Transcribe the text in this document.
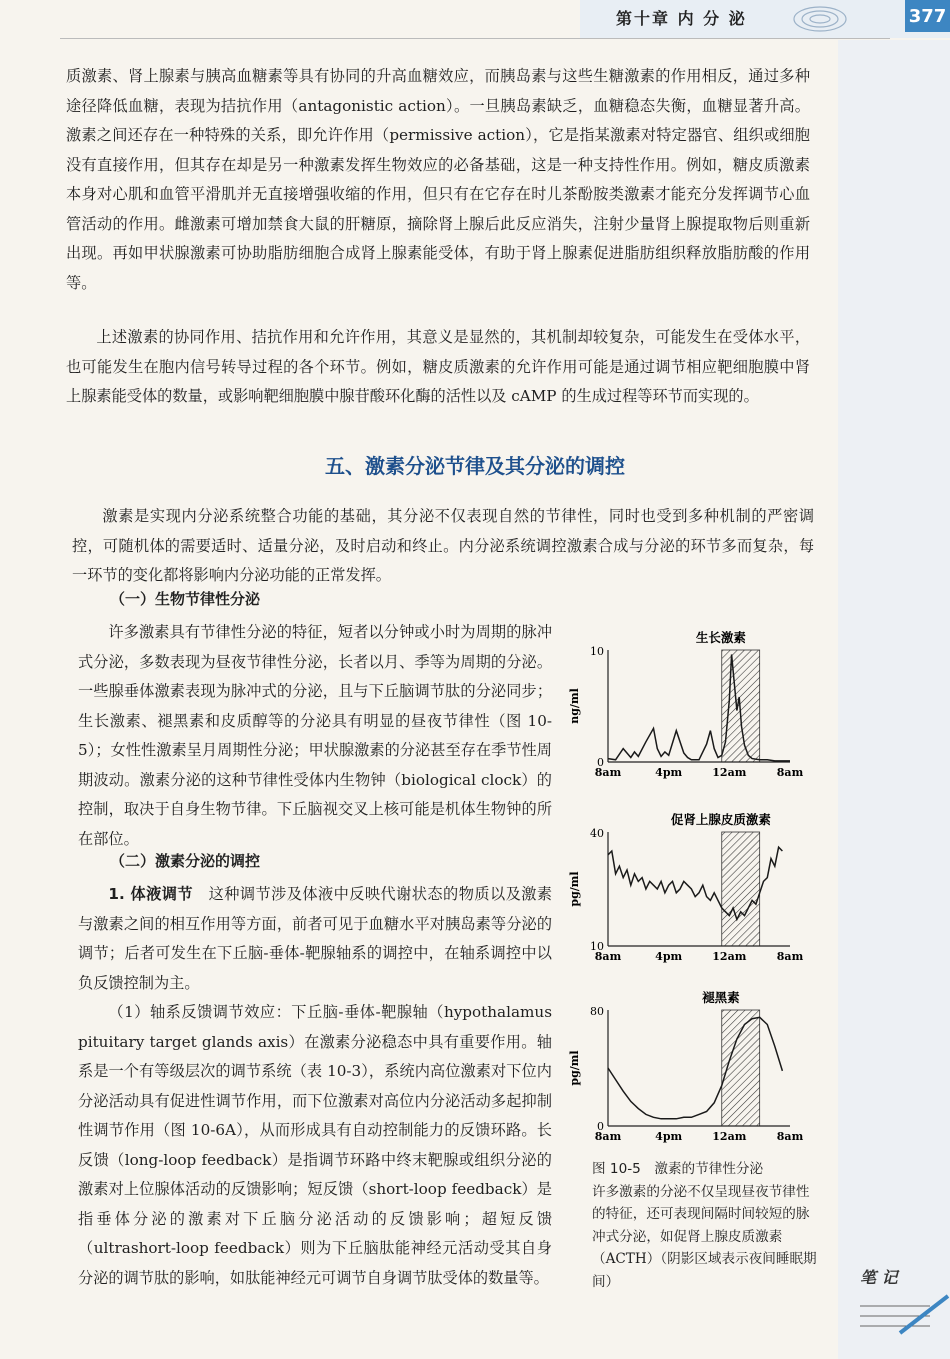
第十章 内 分 泌	377
质激素、肾上腺素与胰高血糖素等具有协同的升高血糖效应，而胰岛素与这些生糖激素的作用相反，通过多种途径降低血糖，表现为拮抗作用（antagonistic action）。一旦胰岛素缺乏，血糖稳态失衡，血糖显著升高。激素之间还存在一种特殊的关系，即允许作用（permissive action），它是指某激素对特定器官、组织或细胞没有直接作用，但其存在却是另一种激素发挥生物效应的必备基础，这是一种支持性作用。例如，糖皮质激素本身对心肌和血管平滑肌并无直接增强收缩的作用，但只有在它存在时儿茶酚胺类激素才能充分发挥调节心血管活动的作用。雌激素可增加禁食大鼠的肝糖原，摘除肾上腺后此反应消失，注射少量肾上腺提取物后则重新出现。再如甲状腺激素可协助脂肪细胞合成肾上腺素能受体，有助于肾上腺素促进脂肪组织释放脂肪酸的作用等。
上述激素的协同作用、拮抗作用和允许作用，其意义是显然的，其机制却较复杂，可能发生在受体水平，也可能发生在胞内信号转导过程的各个环节。例如，糖皮质激素的允许作用可能是通过调节相应靶细胞膜中肾上腺素能受体的数量，或影响靶细胞膜中腺苷酸环化酶的活性以及 cAMP 的生成过程等环节而实现的。
五、激素分泌节律及其分泌的调控
激素是实现内分泌系统整合功能的基础，其分泌不仅表现自然的节律性，同时也受到多种机制的严密调控，可随机体的需要适时、适量分泌，及时启动和终止。内分泌系统调控激素合成与分泌的环节多而复杂，每一环节的变化都将影响内分泌功能的正常发挥。
（一）生物节律性分泌
许多激素具有节律性分泌的特征，短者以分钟或小时为周期的脉冲式分泌，多数表现为昼夜节律性分泌，长者以月、季等为周期的分泌。一些腺垂体激素表现为脉冲式的分泌，且与下丘脑调节肽的分泌同步；生长激素、褪黑素和皮质醇等的分泌具有明显的昼夜节律性（图 10-5）；女性性激素呈月周期性分泌；甲状腺激素的分泌甚至存在季节性周期波动。激素分泌的这种节律性受体内生物钟（biological clock）的控制，取决于自身生物节律。下丘脑视交叉上核可能是机体生物钟的所在部位。
（二）激素分泌的调控
1. 体液调节　 这种调节涉及体液中反映代谢状态的物质以及激素与激素之间的相互作用等方面，前者可见于血糖水平对胰岛素等分泌的调节；后者可发生在下丘脑-垂体-靶腺轴系的调控中，在轴系调控中以负反馈控制为主。
（1）轴系反馈调节效应：下丘脑-垂体-靶腺轴（hypothalamus pituitary target glands axis）在激素分泌稳态中具有重要作用。轴系是一个有等级层次的调节系统（表 10-3），系统内高位激素对下位内分泌活动具有促进性调节作用，而下位激素对高位内分泌活动多起抑制性调节作用（图 10-6A），从而形成具有自动控制能力的反馈环路。长反馈（long-loop feedback）是指调节环路中终末靶腺或组织分泌的激素对上位腺体活动的反馈影响；短反馈（short-loop feedback）是指垂体分泌的激素对下丘脑分泌活动的反馈影响；超短反馈（ultrashort-loop feedback）则为下丘脑肽能神经元活动受其自身分泌的调节肽的影响，如肽能神经元可调节自身调节肽受体的数量等。
生长激素
ng/ml
10
0
8am	4pm	12am	8am
促肾上腺皮质激素
pg/ml
40
10
8am	4pm	12am	8am
褪黑素
pg/ml
80
0
8am	4pm	12am	8am
图 10-5　 激素的节律性分泌
许多激素的分泌不仅呈现昼夜节律性的特征，还可表现间隔时间较短的脉冲式分泌，如促肾上腺皮质激素（ACTH）（阴影区域表示夜间睡眠期间）	笔 记
